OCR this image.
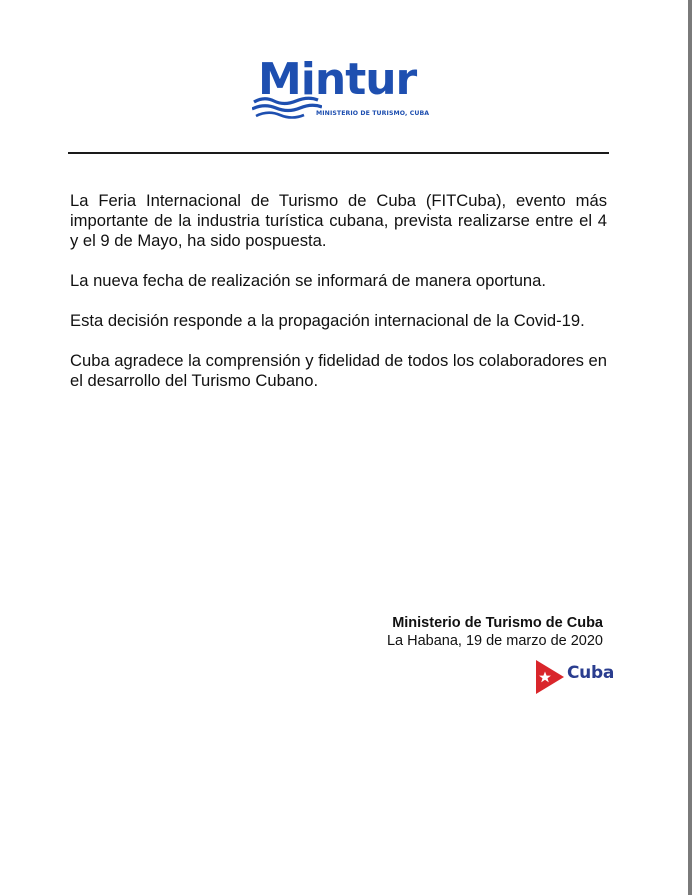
Mintur
MINISTERIO DE TURISMO, CUBA

La Feria Internacional de Turismo de Cuba (FITCuba), evento más importante de la industria turística cubana, prevista realizarse entre el 4 y el 9 de Mayo, ha sido pospuesta.

La nueva fecha de realización se informará de manera oportuna.

Esta decisión responde a la propagación internacional de la Covid-19.

Cuba agradece la comprensión y fidelidad de todos los colaboradores en el desarrollo del Turismo Cubano.

Ministerio de Turismo de Cuba
La Habana, 19 de marzo de 2020
Cuba
